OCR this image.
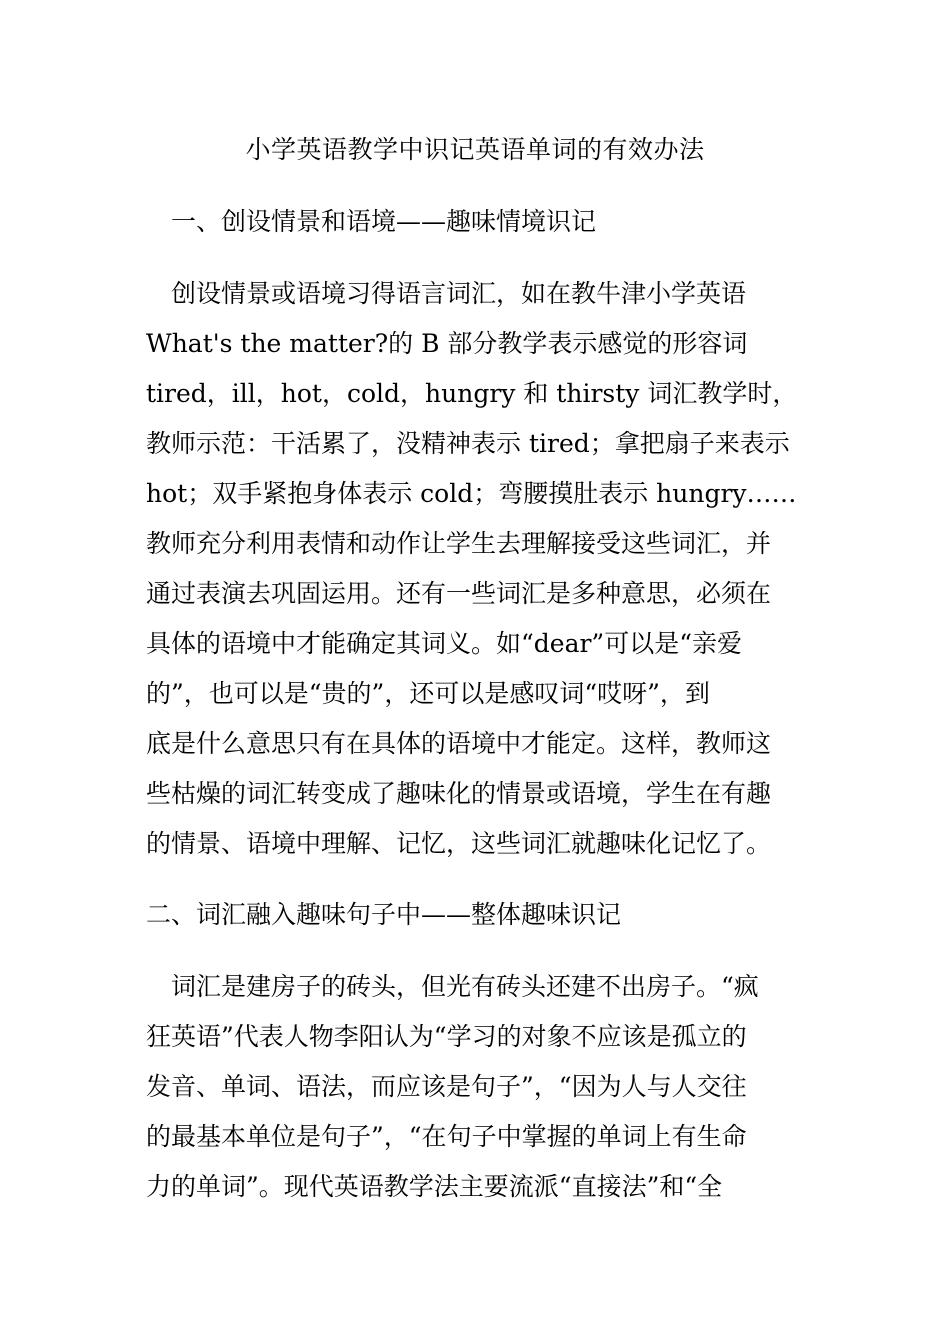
小学英语教学中识记英语单词的有效办法
一、创设情景和语境——趣味情境识记
创设情景或语境习得语言词汇，如在教牛津小学英语
What's the matter?的 B 部分教学表示感觉的形容词
tired，ill，hot，cold，hungry 和 thirsty 词汇教学时，
教师示范：干活累了，没精神表示 tired；拿把扇子来表示
hot；双手紧抱身体表示 cold；弯腰摸肚表示 hungry……
教师充分利用表情和动作让学生去理解接受这些词汇，并
通过表演去巩固运用。还有一些词汇是多种意思，必须在
具体的语境中才能确定其词义。如“dear”可以是“亲爱
的”，也可以是“贵的”，还可以是感叹词“哎呀”，到
底是什么意思只有在具体的语境中才能定。这样，教师这
些枯燥的词汇转变成了趣味化的情景或语境，学生在有趣
的情景、语境中理解、记忆，这些词汇就趣味化记忆了。
二、词汇融入趣味句子中——整体趣味识记
词汇是建房子的砖头，但光有砖头还建不出房子。“疯
狂英语”代表人物李阳认为“学习的对象不应该是孤立的
发音、单词、语法，而应该是句子”，“因为人与人交往
的最基本单位是句子”，“在句子中掌握的单词上有生命
力的单词”。现代英语教学法主要流派“直接法”和“全
